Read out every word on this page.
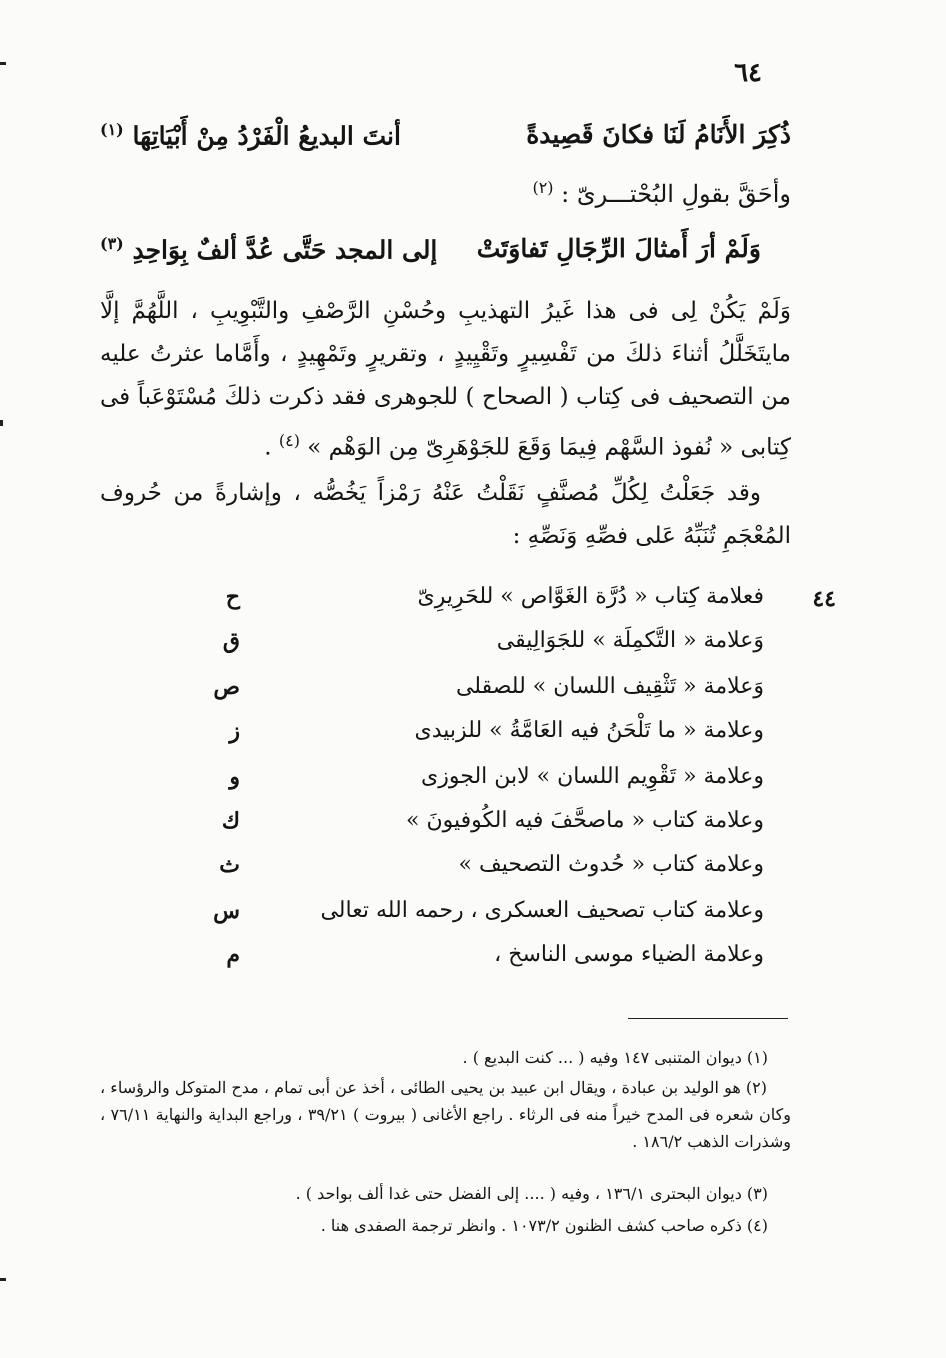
٦٤
ذُكِرَ الأَنَامُ لَنَا فكانَ قَصِيدةً
أنتَ البديعُ الْفَرْدُ مِنْ أَبْيَاتِهَا $^{(١)}$
وأحَقَّ بقولِ البُحْتـــرىّ : $^{(٢)}$
وَلَمْ أرَ أَمثالَ الرِّجَالِ تَفاوَتَتْ
إلى المجد حَتَّى عُدَّ ألفٌ بِوَاحِدِ $^{(٣)}$
وَلَمْ يَكُنْ لِى فى هذا غَيرُ التهذيبِ وحُسْنِ الرَّصْفِ والتَّبْوِيبِ ، اللَّهُمَّ إلَّا مايتَخَلَّلُ أثناءَ ذلكَ من تَفْسِيرٍ وتَقْيِيدٍ ، وتقريرٍ وتَمْهِيدٍ ، وأَمَّاما عثرتُ عليه من التصحيف فى كِتاب ( الصحاح ) للجوهرى فقد ذكرت ذلكَ مُسْتَوْعَباً فى كِتابى « نُفوذ السَّهْم فِيمَا وَقَعَ للجَوْهَرِىّ مِن الوَهْم » $^{(٤)}$ .
وقد جَعَلْتُ لِكُلِّ مُصنَّفٍ نَقَلْتُ عَنْهُ رَمْزاً يَخُصُّه ، وإشارةً من حُروف المُعْجَمِ تُنَبِّهُ عَلى فصِّهِ وَنَصِّهِ :
٤٤
فعلامة كِتاب « دُرَّة الغَوَّاص » للحَرِيرِىّ
ح
وَعلامة « التَّكمِلَة » للجَوَالِيقى
ق
وَعلامة « تَثْقِيف اللسان » للصقلى
ص
وعلامة « ما تَلْحَنُ فيه العَامَّةُ » للزبيدى
ز
وعلامة « تَقْوِيم اللسان » لابن الجوزى
و
وعلامة كتاب « ماصحَّفَ فيه الكُوفيونَ »
ك
وعلامة كتاب « حُدوث التصحيف »
ث
وعلامة كتاب تصحيف العسكرى ، رحمه الله تعالى
س
وعلامة الضياء موسى الناسخ ،
م
(١) ديوان المتنبى ١٤٧ وفيه ( ... كنت البديع ) .
(٢) هو الوليد بن عبادة ، ويقال ابن عبيد بن يحيى الطائى ، أخذ عن أبى تمام ، مدح المتوكل والرؤساء ، وكان شعره فى المدح خيراً منه فى الرثاء . راجع الأغانى ( بيروت ) ٣٩/٢١ ، وراجع البداية والنهاية ٧٦/١١ ، وشذرات الذهب ١٨٦/٢ .
(٣) ديوان البحترى ١٣٦/١ ، وفيه ( .... إلى الفضل حتى غدا ألف بواحد ) .
(٤) ذكره صاحب كشف الظنون ١٠٧٣/٢ . وانظر ترجمة الصفدى هنا .
